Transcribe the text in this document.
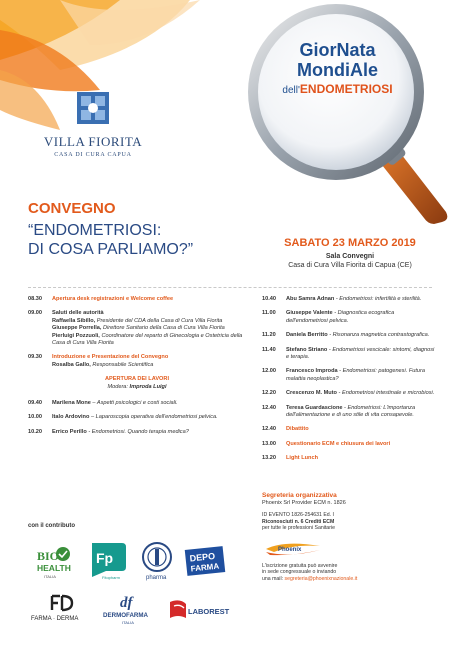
VILLA FIORITA
CASA DI CURA CAPUA
GiorNata
MondiAle
dell'ENDOMETRIOSI
CONVEGNO
“ENDOMETRIOSI:
DI COSA PARLIAMO?”	SABATO 23 MARZO 2019
Sala Convegni
Casa di Cura Villa Fiorita di Capua (CE)
08.30	Apertura desk registrazioni e Welcome coffee
09.00	Saluti delle autorità
Raffaella Sibillo, Presidente del CDA della Casa di Cura Villa Fiorita
Giuseppe Porrella, Direttore Sanitario della Casa di Cura Villa Fiorita
Pierluigi Pozzuoli, Coordinatore del reparto di Ginecologia e Ostetricia della Casa di Cura Villa Fiorita
09.30	Introduzione e Presentazione del Convegno
Rosalba Gallo, Responsabile Scientifica
APERTURA DEI LAVORI
Moderа: Improda Luigi
09.40	Marilena Mone – Aspetti psicologici e costi sociali.
10.00	Italo Ardovino – Laparoscopia operativa dell'endometriosi pelvica.
10.20	Errico Perillo - Endometriosi. Quando terapia medica?
10.40	Abu Samra Adnan - Endometriosi: infertilità e sterilità.
11.00	Giuseppe Valente - Diagnostica ecografica dell'endometriosi pelvica.
11.20	Daniela Berritto - Risonanza magnetica contrastografica.
11.40	Stefano Striano - Endometriosi vescicale: sintomi, diagnosi e terapia.
12.00	Francesco Improda - Endometriosi: patogenesi. Futura malattia neoplastica?
12.20	Crescenzo M. Muto - Endometriosi intestinale e microbiosi.
12.40	Teresa Guardascione - Endometriosi: L'importanza dell'alimentazione e di uno stile di vita consapevole.
12.40	Dibattito
13.00	Questionario ECM e chiusura dei lavori
13.20	Light Lunch
Segreteria organizzativa
Phoenix Srl Provider ECM n. 1826
ID EVENTO 1826-254631 Ed. I
Riconosciuti n. 6 Crediti ECM
per tutte le professioni Sanitarie
Phoenix
L'iscrizione gratuita può avvenire
in sede congressuale o inviando
una mail: segreteria@phoenixnazionale.it
con il contributo
BIO
HEALTH
ITALIA
Fp
Fitopharm	pharma
DEPO
FARMA
FARMA · DERMA
df
DERMOFARMA
ITALIA
LABOREST
